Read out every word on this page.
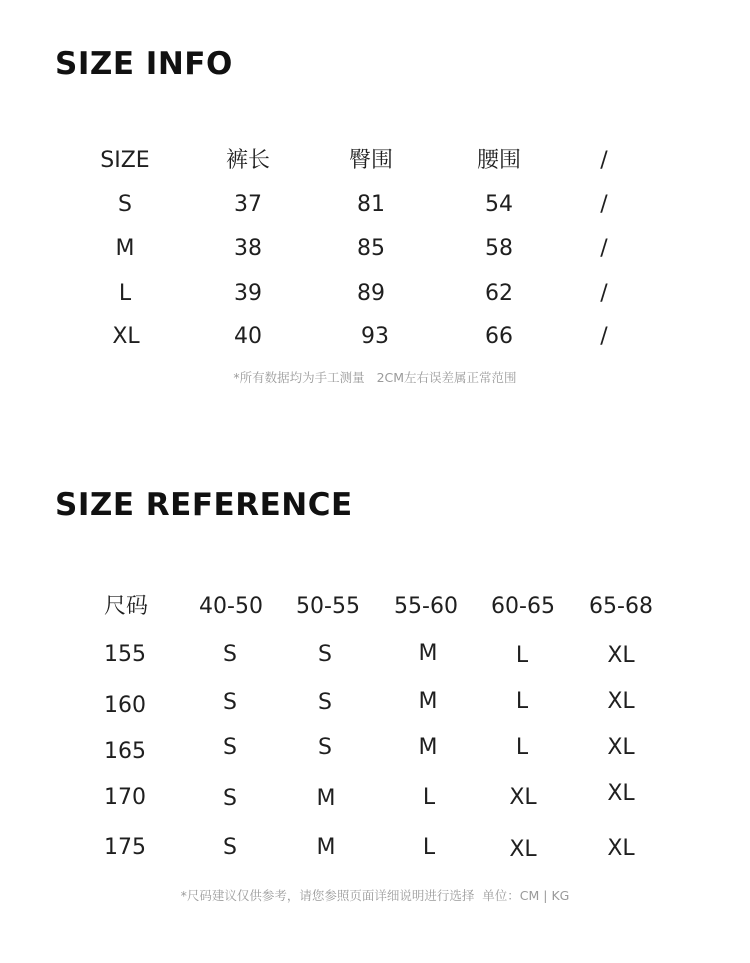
SIZE INFO
SIZE	裤长	臀围	腰围	/
S	37	81	54	/
M	38	85	58	/
L	39	89	62	/
XL	40	93	66	/
*所有数据均为手工测量   2CM左右误差属正常范围
SIZE REFERENCE
尺码 40-50 50-55 55-60 60-65 65-68
155	S	S	M	L	XL
160	S	S	M	L	XL
165	S	S	M	L	XL
170	S	M	L	XL	XL
175	S	M	L	XL	XL
*尺码建议仅供参考，请您参照页面详细说明进行选择  单位：CM | KG
